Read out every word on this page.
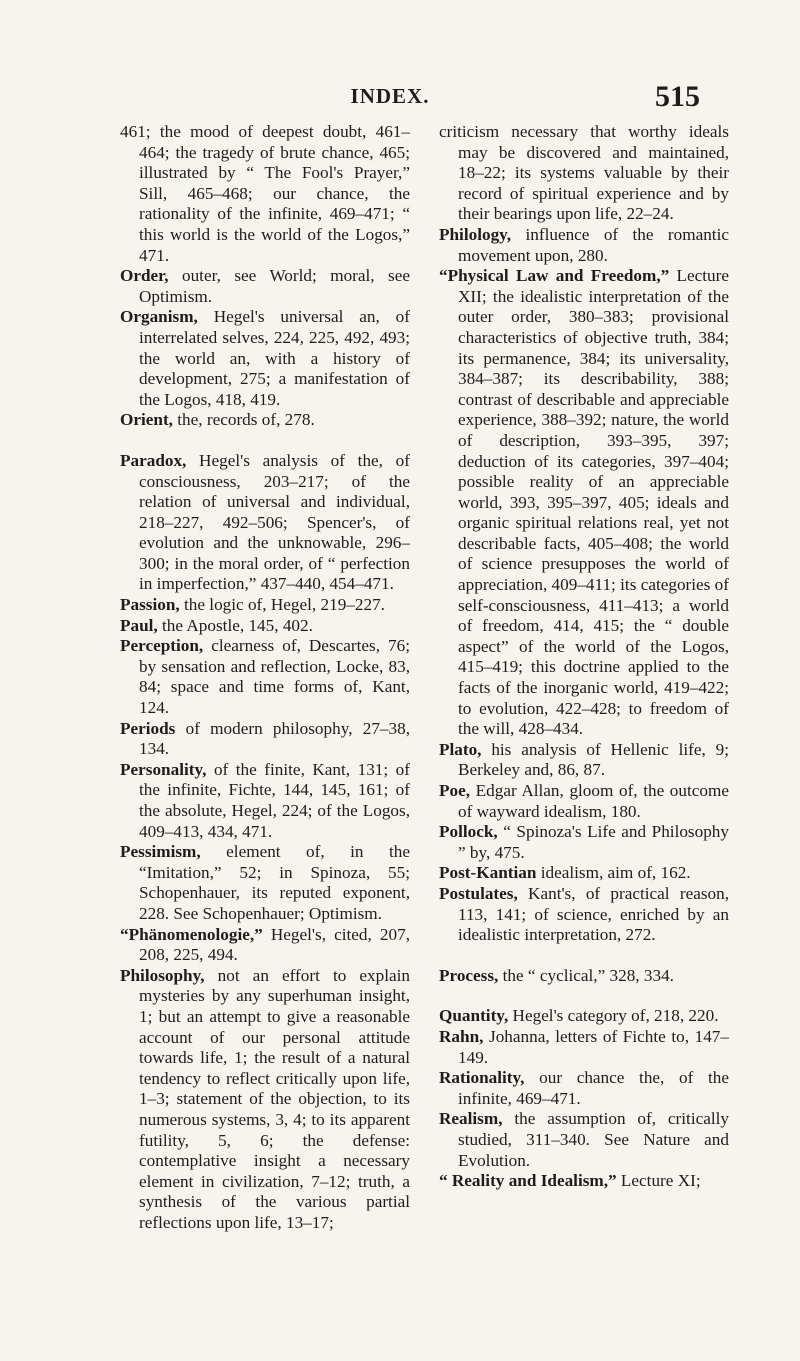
INDEX.	515

461; the mood of deepest doubt, 461–464; the tragedy of brute chance, 465; illustrated by “ The Fool's Prayer,” Sill, 465–468; our chance, the rationality of the infinite, 469–471; “ this world is the world of the Logos,” 471.

Order, outer, see World; moral, see Optimism.

Organism, Hegel's universal an, of interrelated selves, 224, 225, 492, 493; the world an, with a history of development, 275; a manifestation of the Logos, 418, 419.

Orient, the, records of, 278.

Paradox, Hegel's analysis of the, of consciousness, 203–217; of the relation of universal and individual, 218–227, 492–506; Spencer's, of evolution and the unknowable, 296–300; in the moral order, of “ perfection in imperfection,” 437–440, 454–471.

Passion, the logic of, Hegel, 219–227.

Paul, the Apostle, 145, 402.

Perception, clearness of, Descartes, 76; by sensation and reflection, Locke, 83, 84; space and time forms of, Kant, 124.

Periods of modern philosophy, 27–38, 134.

Personality, of the finite, Kant, 131; of the infinite, Fichte, 144, 145, 161; of the absolute, Hegel, 224; of the Logos, 409–413, 434, 471.

Pessimism, element of, in the “Imitation,” 52; in Spinoza, 55; Schopenhauer, its reputed exponent, 228. See Schopenhauer; Optimism.

“Phänomenologie,” Hegel's, cited, 207, 208, 225, 494.

Philosophy, not an effort to explain mysteries by any superhuman insight, 1; but an attempt to give a reasonable account of our personal attitude towards life, 1; the result of a natural tendency to reflect critically upon life, 1–3; statement of the objection, to its numerous systems, 3, 4; to its apparent futility, 5, 6; the defense: contemplative insight a necessary element in civilization, 7–12; truth, a synthesis of the various partial reflections upon life, 13–17;

criticism necessary that worthy ideals may be discovered and maintained, 18–22; its systems valuable by their record of spiritual experience and by their bearings upon life, 22–24.

Philology, influence of the romantic movement upon, 280.

“Physical Law and Freedom,” Lecture XII; the idealistic interpretation of the outer order, 380–383; provisional characteristics of objective truth, 384; its permanence, 384; its universality, 384–387; its describability, 388; contrast of describable and appreciable experience, 388–392; nature, the world of description, 393–395, 397; deduction of its categories, 397–404; possible reality of an appreciable world, 393, 395–397, 405; ideals and organic spiritual relations real, yet not describable facts, 405–408; the world of science presupposes the world of appreciation, 409–411; its categories of self-consciousness, 411–413; a world of freedom, 414, 415; the “ double aspect” of the world of the Logos, 415–419; this doctrine applied to the facts of the inorganic world, 419–422; to evolution, 422–428; to freedom of the will, 428–434.

Plato, his analysis of Hellenic life, 9; Berkeley and, 86, 87.

Poe, Edgar Allan, gloom of, the outcome of wayward idealism, 180.

Pollock, “ Spinoza's Life and Philosophy ” by, 475.

Post-Kantian idealism, aim of, 162.

Postulates, Kant's, of practical reason, 113, 141; of science, enriched by an idealistic interpretation, 272.

Process, the “ cyclical,” 328, 334.

Quantity, Hegel's category of, 218, 220.

Rahn, Johanna, letters of Fichte to, 147–149.

Rationality, our chance the, of the infinite, 469–471.

Realism, the assumption of, critically studied, 311–340. See Nature and Evolution.

“ Reality and Idealism,” Lecture XI;
